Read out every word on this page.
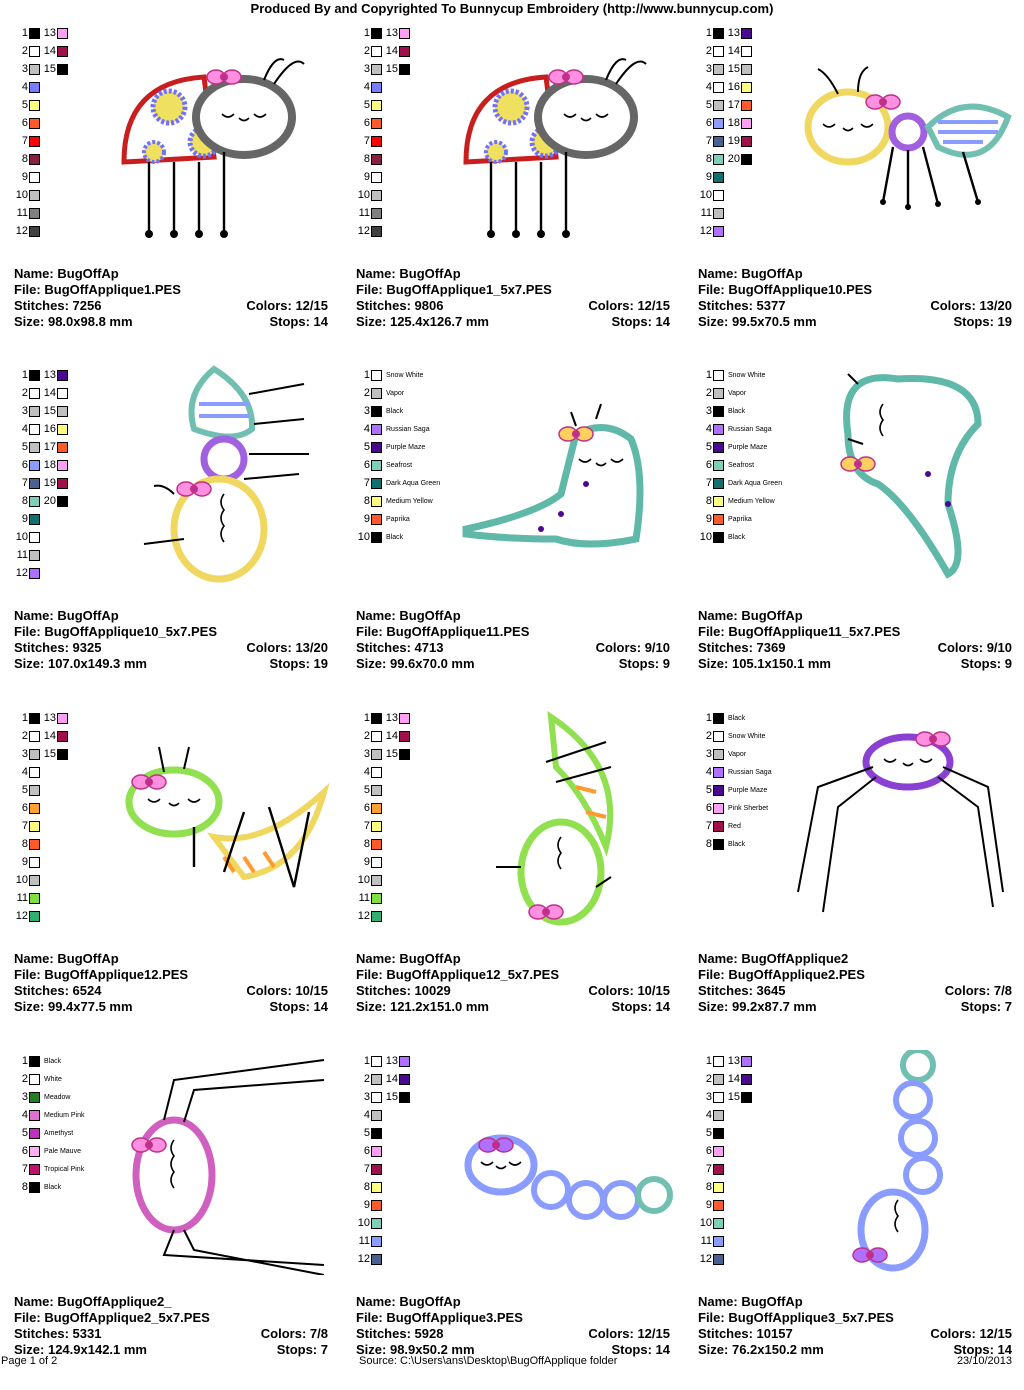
Produced By and Copyrighted To Bunnycup Embroidery (http://www.bunnycup.com)
1	13
2	14
3	15
4
5
6
7
8
9
10
11
12
Name: BugOffAp
File: BugOffApplique1.PES
Stitches: 7256	Colors: 12/15
Size: 98.0x98.8 mm	Stops: 14
1	13
2	14
3	15
4
5
6
7
8
9
10
11
12
Name: BugOffAp
File: BugOffApplique1_5x7.PES
Stitches: 9806	Colors: 12/15
Size: 125.4x126.7 mm	Stops: 14
1	13
2	14
3	15
4	16
5	17
6	18
7	19
8	20
9
10
11
12
Name: BugOffAp
File: BugOffApplique10.PES
Stitches: 5377	Colors: 13/20
Size: 99.5x70.5 mm	Stops: 19
1	13
2	14
3	15
4	16
5	17
6	18
7	19
8	20
9
10
11
12
Name: BugOffAp
File: BugOffApplique10_5x7.PES
Stitches: 9325	Colors: 13/20
Size: 107.0x149.3 mm	Stops: 19
1 Snow White
2 Vapor
3 Black
4 Russian Saga
5 Purple Maze
6 Seafrost
7 Dark Aqua Green
8 Medium Yellow
9 Paprika
10 Black
Name: BugOffAp
File: BugOffApplique11.PES
Stitches: 4713	Colors: 9/10
Size: 99.6x70.0 mm	Stops: 9
1 Snow White
2 Vapor
3 Black
4 Russian Saga
5 Purple Maze
6 Seafrost
7 Dark Aqua Green
8 Medium Yellow
9 Paprika
10 Black
Name: BugOffAp
File: BugOffApplique11_5x7.PES
Stitches: 7369	Colors: 9/10
Size: 105.1x150.1 mm	Stops: 9
1	13
2	14
3	15
4
5
6
7
8
9
10
11
12
Name: BugOffAp
File: BugOffApplique12.PES
Stitches: 6524	Colors: 10/15
Size: 99.4x77.5 mm	Stops: 14
1	13
2	14
3	15
4
5
6
7
8
9
10
11
12
Name: BugOffAp
File: BugOffApplique12_5x7.PES
Stitches: 10029	Colors: 10/15
Size: 121.2x151.0 mm	Stops: 14
1 Black
2 Snow White
3 Vapor
4 Russian Saga
5 Purple Maze
6 Pink Sherbet
7 Red
8 Black
Name: BugOffApplique2
File: BugOffApplique2.PES
Stitches: 3645	Colors: 7/8
Size: 99.2x87.7 mm	Stops: 7
1 Black
2 White
3 Meadow
4 Medium Pink
5 Amethyst
6 Pale Mauve
7 Tropical Pink
8 Black
Name: BugOffApplique2_
File: BugOffApplique2_5x7.PES
Stitches: 5331	Colors: 7/8
Size: 124.9x142.1 mm	Stops: 7
1	13
2	14
3	15
4
5
6
7
8
9
10
11
12
Name: BugOffAp
File: BugOffApplique3.PES
Stitches: 5928	Colors: 12/15
Size: 98.9x50.2 mm	Stops: 14
1	13
2	14
3	15
4
5
6
7
8
9
10
11
12
Name: BugOffAp
File: BugOffApplique3_5x7.PES
Stitches: 10157	Colors: 12/15
Size: 76.2x150.2 mm	Stops: 14
Page 1 of 2	Source: C:\Users\ans\Desktop\BugOffApplique folder	23/10/2013
